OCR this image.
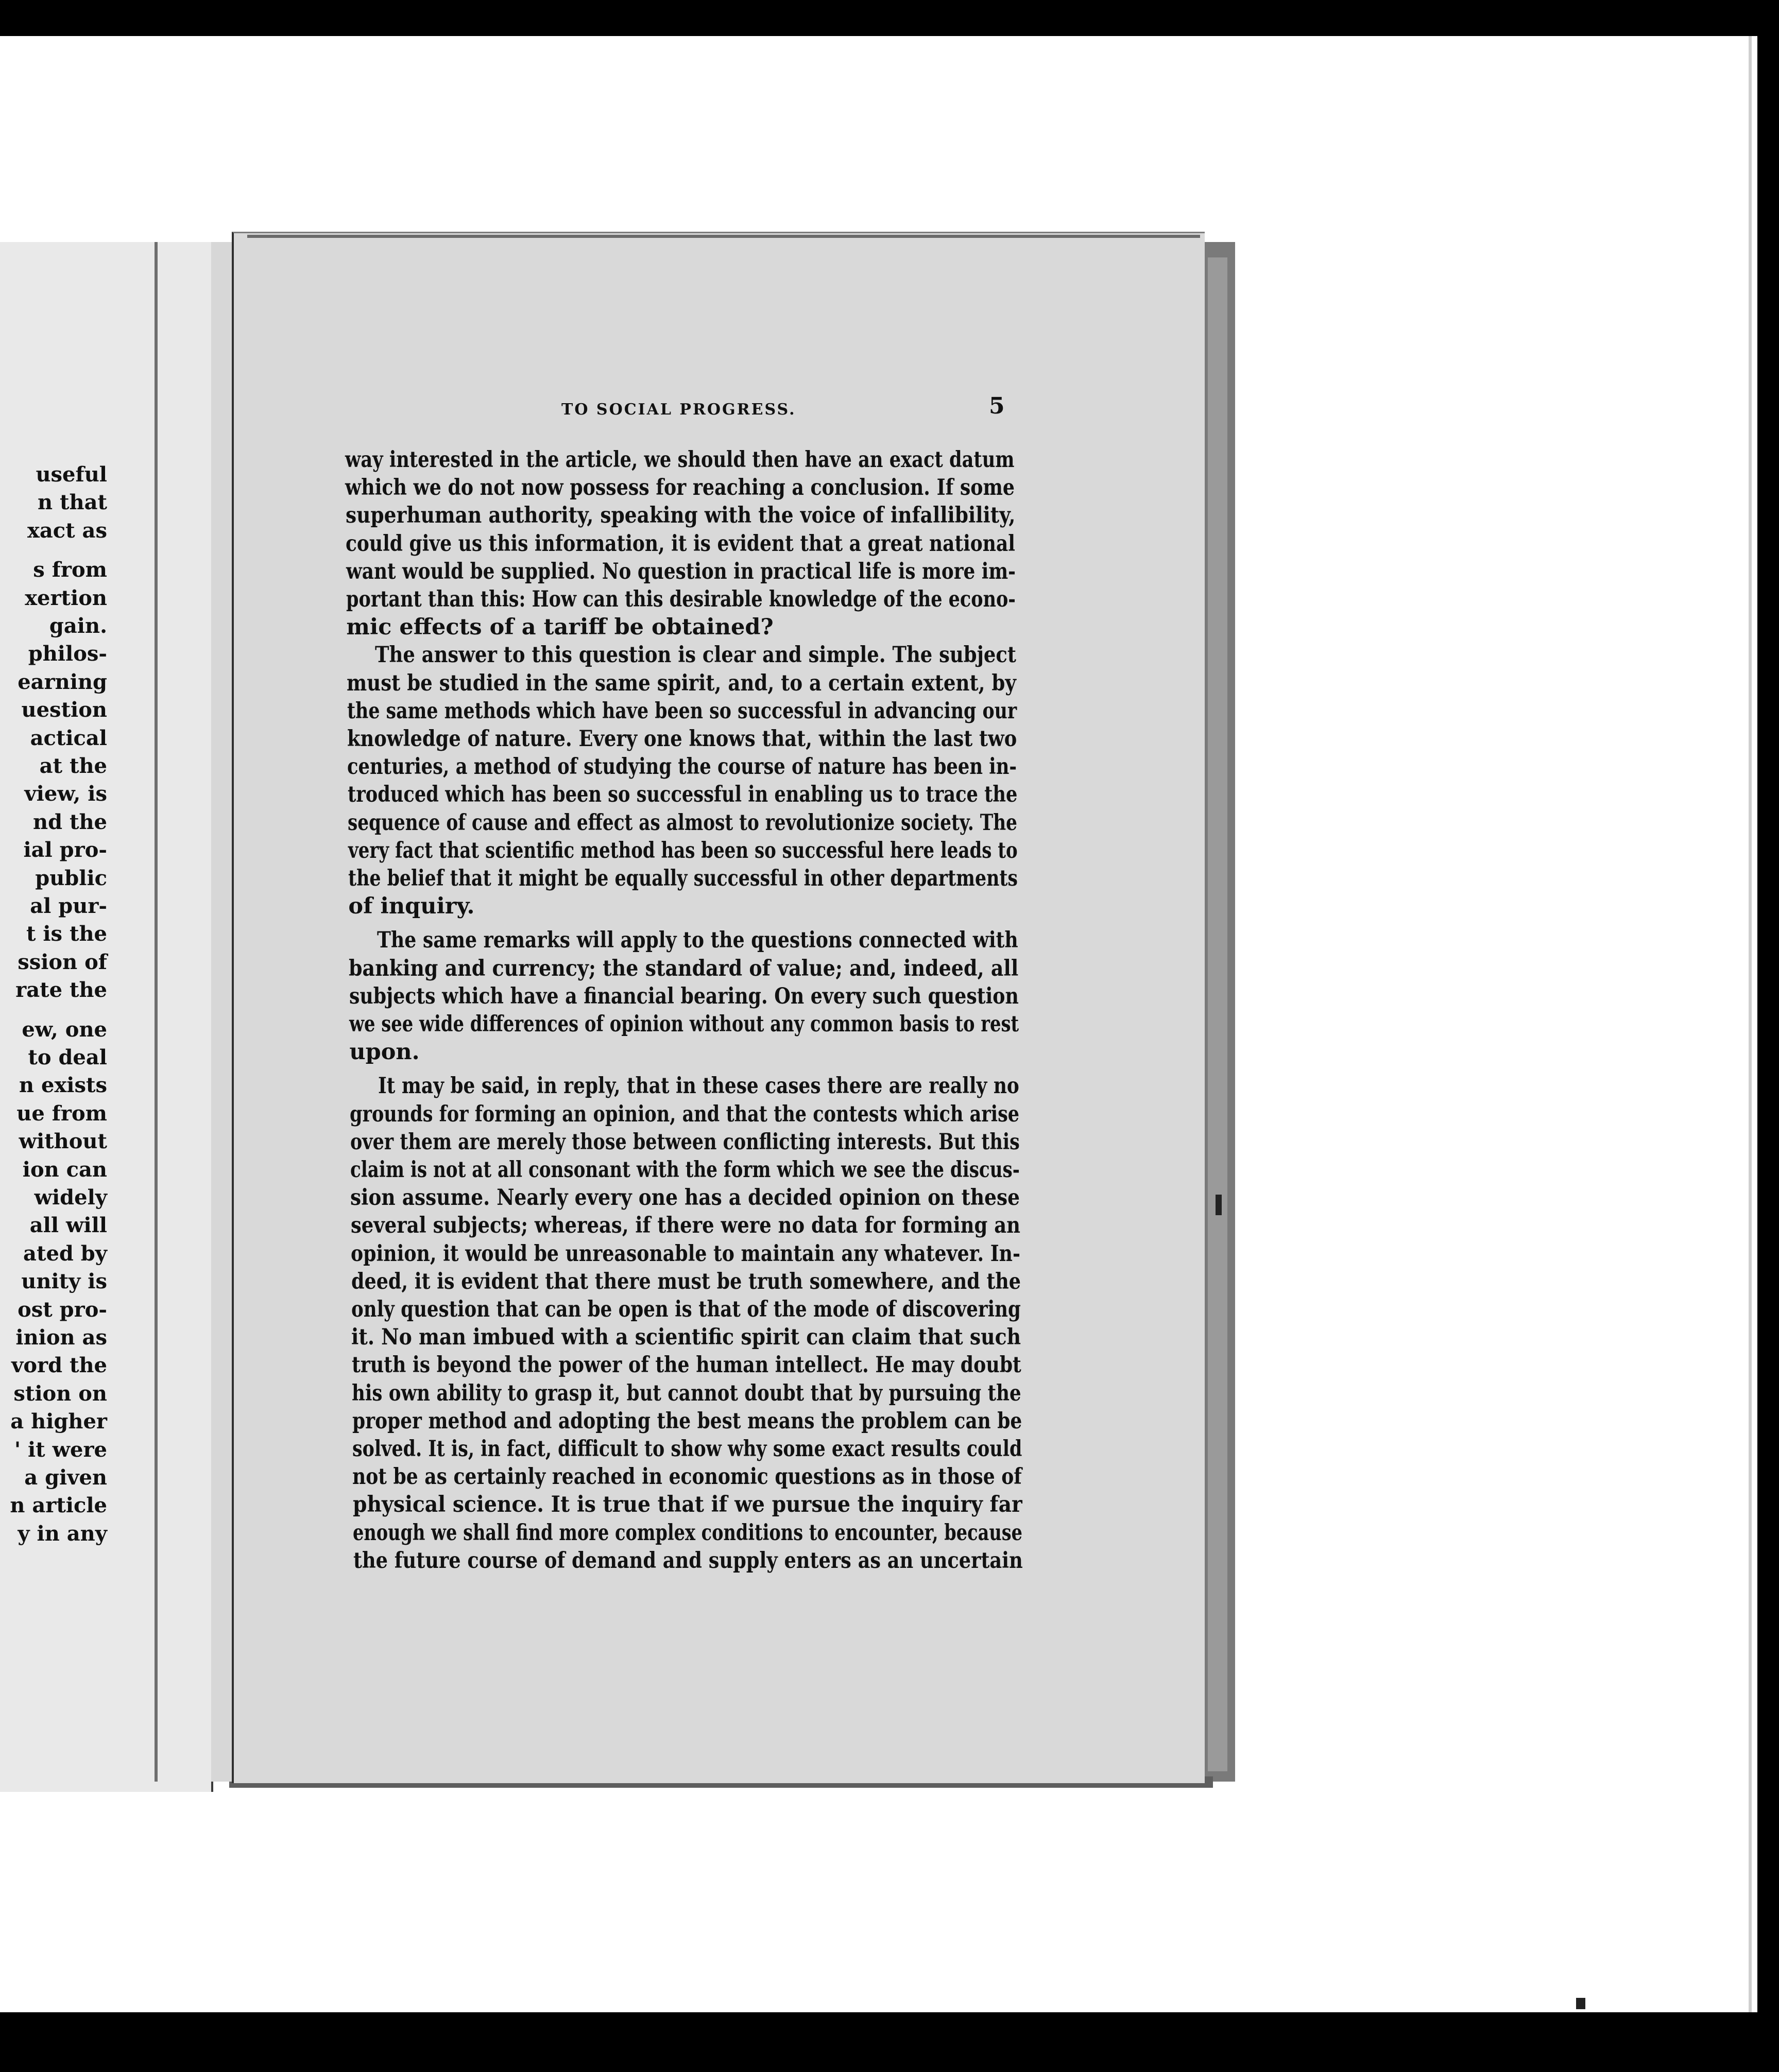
TO SOCIAL PROGRESS.	5
way interested in the article, we should then have an exact datum
which we do not now possess for reaching a conclusion. If some
superhuman authority, speaking with the voice of infallibility,
could give us this information, it is evident that a great national
want would be supplied. No question in practical life is more im-
portant than this: How can this desirable knowledge of the econo-
mic effects of a tariff be obtained?
The answer to this question is clear and simple. The subject
must be studied in the same spirit, and, to a certain extent, by
the same methods which have been so successful in advancing our
knowledge of nature. Every one knows that, within the last two
centuries, a method of studying the course of nature has been in-
troduced which has been so successful in enabling us to trace the
sequence of cause and effect as almost to revolutionize society. The
very fact that scientific method has been so successful here leads to
the belief that it might be equally successful in other departments
of inquiry.
The same remarks will apply to the questions connected with
banking and currency; the standard of value; and, indeed, all
subjects which have a financial bearing. On every such question
we see wide differences of opinion without any common basis to rest
upon.
It may be said, in reply, that in these cases there are really no
grounds for forming an opinion, and that the contests which arise
over them are merely those between conflicting interests. But this
claim is not at all consonant with the form which we see the discus-
sion assume. Nearly every one has a decided opinion on these
several subjects; whereas, if there were no data for forming an
opinion, it would be unreasonable to maintain any whatever. In-
deed, it is evident that there must be truth somewhere, and the
only question that can be open is that of the mode of discovering
it. No man imbued with a scientific spirit can claim that such
truth is beyond the power of the human intellect. He may doubt
his own ability to grasp it, but cannot doubt that by pursuing the
proper method and adopting the best means the problem can be
solved. It is, in fact, difficult to show why some exact results could
not be as certainly reached in economic questions as in those of
physical science. It is true that if we pursue the inquiry far
enough we shall find more complex conditions to encounter, because
the future course of demand and supply enters as an uncertain
useful
n that
xact as
s from
xertion
gain.
philos-
earning
uestion
actical
at the
view, is
nd the
ial pro-
public
al pur-
t is the
ssion of
rate the
ew, one
to deal
n exists
ue from
without
ion can
widely
all will
ated by
unity is
ost pro-
inion as
vord the
stion on
a higher
' it were
a given
n article
y in any
